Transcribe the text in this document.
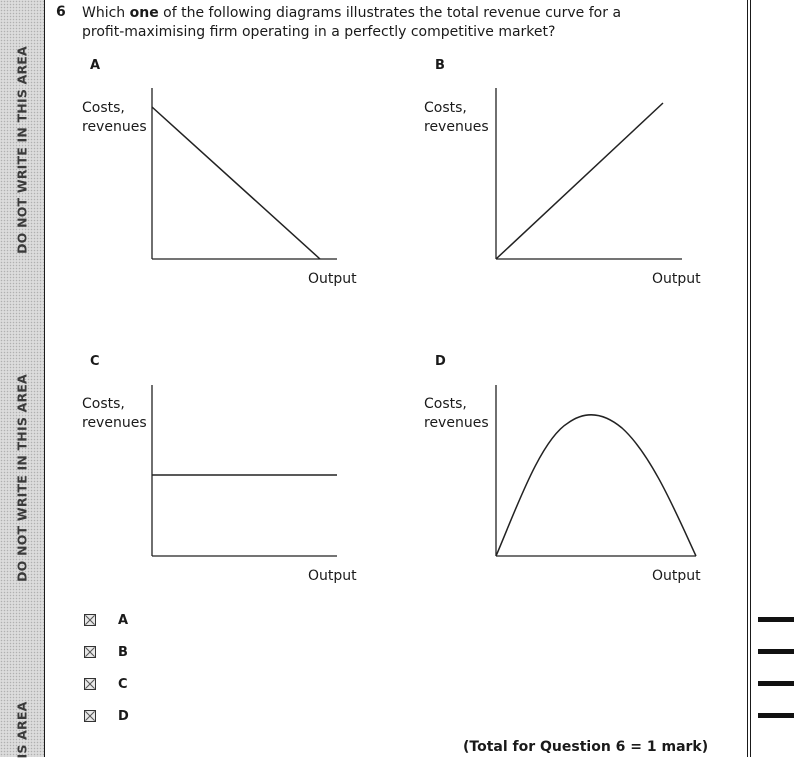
DO NOT WRITE IN THIS AREA
DO NOT WRITE IN THIS AREA
IS AREA
6 Which one of the following diagrams illustrates the total revenue curve for a profit-maximising firm operating in a perfectly competitive market?
A
Costs,
revenues
Output
B
Costs,
revenues
Output
C
Costs,
revenues
Output
D
Costs,
revenues
Output
A
B
C
D
(Total for Question 6 = 1 mark)
